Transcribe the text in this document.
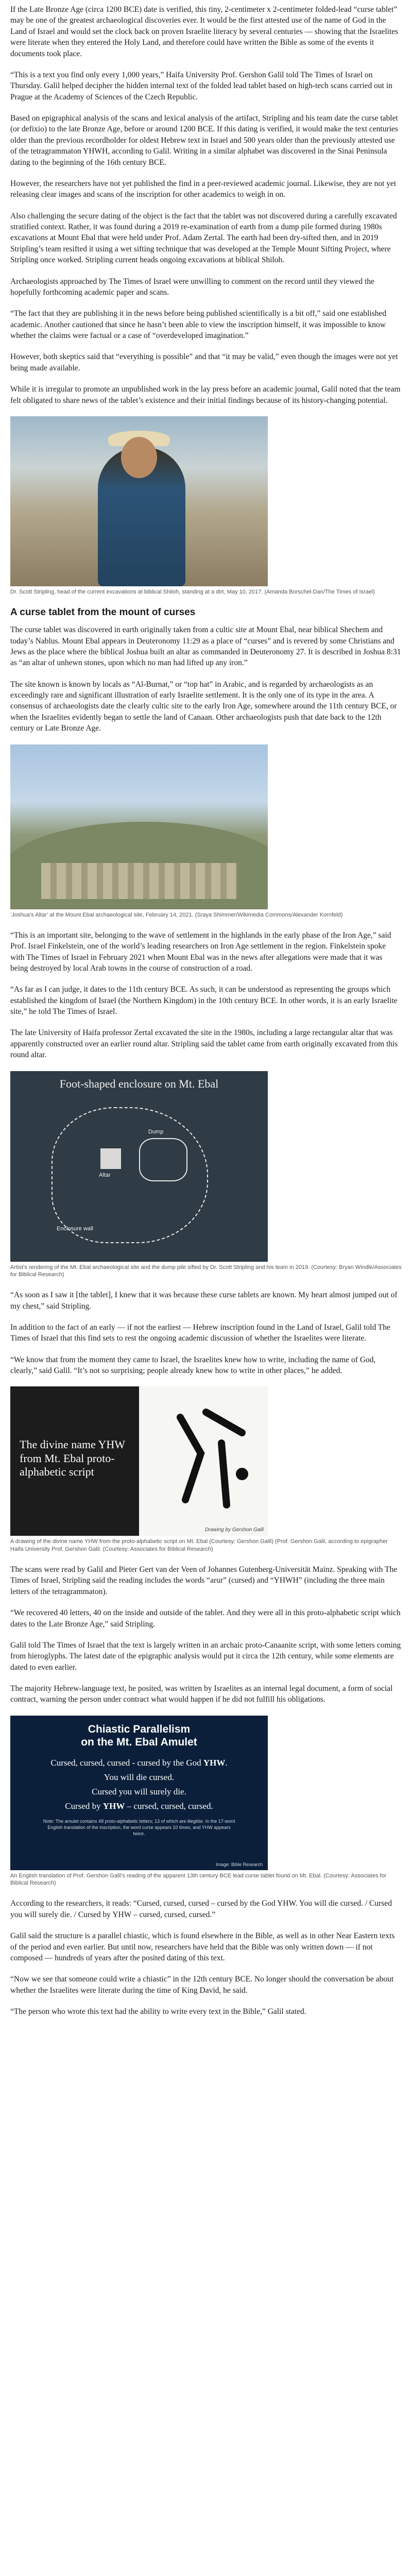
If the Late Bronze Age (circa 1200 BCE) date is verified, this tiny, 2-centimeter x 2-centimeter folded-lead “curse tablet” may be one of the greatest archaeological discoveries ever. It would be the first attested use of the name of God in the Land of Israel and would set the clock back on proven Israelite literacy by several centuries — showing that the Israelites were literate when they entered the Holy Land, and therefore could have written the Bible as some of the events it documents took place.

“This is a text you find only every 1,000 years,” Haifa University Prof. Gershon Galil told The Times of Israel on Thursday. Galil helped decipher the hidden internal text of the folded lead tablet based on high-tech scans carried out in Prague at the Academy of Sciences of the Czech Republic.

Based on epigraphical analysis of the scans and lexical analysis of the artifact, Stripling and his team date the curse tablet (or defixio) to the late Bronze Age, before or around 1200 BCE. If this dating is verified, it would make the text centuries older than the previous recordholder for oldest Hebrew text in Israel and 500 years older than the previously attested use of the tetragrammaton YHWH, according to Galil. Writing in a similar alphabet was discovered in the Sinai Peninsula dating to the beginning of the 16th century BCE.

However, the researchers have not yet published the find in a peer-reviewed academic journal. Likewise, they are not yet releasing clear images and scans of the inscription for other academics to weigh in on.

Also challenging the secure dating of the object is the fact that the tablet was not discovered during a carefully excavated stratified context. Rather, it was found during a 2019 re-examination of earth from a dump pile formed during 1980s excavations at Mount Ebal that were held under Prof. Adam Zertal. The earth had been dry-sifted then, and in 2019 Stripling’s team resifted it using a wet sifting technique that was developed at the Temple Mount Sifting Project, where Stripling once worked. Stripling current heads ongoing excavations at biblical Shiloh.

Archaeologists approached by The Times of Israel were unwilling to comment on the record until they viewed the hopefully forthcoming academic paper and scans.

“The fact that they are publishing it in the news before being published scientifically is a bit off,” said one established academic. Another cautioned that since he hasn’t been able to view the inscription himself, it was impossible to know whether the claims were factual or a case of “overdeveloped imagination.”

However, both skeptics said that “everything is possible” and that “it may be valid,” even though the images were not yet being made available.

While it is irregular to promote an unpublished work in the lay press before an academic journal, Galil noted that the team felt obligated to share news of the tablet’s existence and their initial findings because of its history-changing potential.

Dr. Scott Stripling, head of the current excavations at biblical Shiloh, standing at a dirt, May 10, 2017. (Amanda Borschel-Dan/The Times of Israel)
A curse tablet from the mount of curses

The curse tablet was discovered in earth originally taken from a cultic site at Mount Ebal, near biblical Shechem and today’s Nablus. Mount Ebal appears in Deuteronomy 11:29 as a place of “curses” and is revered by some Christians and Jews as the place where the biblical Joshua built an altar as commanded in Deuteronomy 27. It is described in Joshua 8:31 as “an altar of unhewn stones, upon which no man had lifted up any iron.”

The site known is known by locals as “Al-Burnat,” or “top hat” in Arabic, and is regarded by archaeologists as an exceedingly rare and significant illustration of early Israelite settlement. It is the only one of its type in the area. A consensus of archaeologists date the clearly cultic site to the early Iron Age, somewhere around the 11th century BCE, or when the Israelites evidently began to settle the land of Canaan. Other archaeologists push that date back to the 12th century or Late Bronze Age.

‘Joshua’s Altar’ at the Mount Ebal archaeological site, February 14, 2021. (Sraya Shimmer/Wikimedia Commons/Alexander Kornfeld)

“This is an important site, belonging to the wave of settlement in the highlands in the early phase of the Iron Age,” said Prof. Israel Finkelstein, one of the world’s leading researchers on Iron Age settlement in the region. Finkelstein spoke with The Times of Israel in February 2021 when Mount Ebal was in the news after allegations were made that it was being destroyed by local Arab towns in the course of construction of a road.

“As far as I can judge, it dates to the 11th century BCE. As such, it can be understood as representing the groups which established the kingdom of Israel (the Northern Kingdom) in the 10th century BCE. In other words, it is an early Israelite site,” he told The Times of Israel.

The late University of Haifa professor Zertal excavated the site in the 1980s, including a large rectangular altar that was apparently constructed over an earlier round altar. Stripling said the tablet came from earth originally excavated from this round altar.

Foot-shaped enclosure on Mt. Ebal
Dump
Altar
Enclosure wall
Artist’s rendering of the Mt. Ebal archaeological site and the dump pile sifted by Dr. Scott Stripling and his team in 2019. (Courtesy: Bryan Windle/Associates for Biblical Research)

“As soon as I saw it [the tablet], I knew that it was because these curse tablets are known. My heart almost jumped out of my chest,” said Stripling.

In addition to the fact of an early — if not the earliest — Hebrew inscription found in the Land of Israel, Galil told The Times of Israel that this find sets to rest the ongoing academic discussion of whether the Israelites were literate.

“We know that from the moment they came to Israel, the Israelites knew how to write, including the name of God, clearly,” said Galil. “It’s not so surprising; people already knew how to write in other places,” he added.

The divine name YHW from Mt. Ebal proto-alphabetic script
Drawing by Gershon Galil
A drawing of the divine name YHW from the proto-alphabetic script on Mt. Ebal (Courtesy: Gershon Galil) (Prof. Gershon Galil, according to epigrapher Haifa University Prof. Gershon Galil. (Courtesy: Associates for Biblical Research)

The scans were read by Galil and Pieter Gert van der Veen of Johannes Gutenberg-Universität Mainz. Speaking with The Times of Israel, Stripling said the reading includes the words “arur” (cursed) and “YHWH” (including the three main letters of the tetragrammaton).

“We recovered 40 letters, 40 on the inside and outside of the tablet. And they were all in this proto-alphabetic script which dates to the Late Bronze Age,” said Stripling.

Galil told The Times of Israel that the text is largely written in an archaic proto-Canaanite script, with some letters coming from hieroglyphs. The latest date of the epigraphic analysis would put it circa the 12th century, while some elements are dated to even earlier.

The majority Hebrew-language text, he posited, was written by Israelites as an internal legal document, a form of social contract, warning the person under contract what would happen if he did not fulfill his obligations.

Chiastic Parallelism
on the Mt. Ebal Amulet
Cursed, cursed, cursed - cursed by the God YHW.
You will die cursed.
Cursed you will surely die.
Cursed by YHW – cursed, cursed, cursed.
Note: The amulet contains 48 proto-alphabetic letters; 13 of which are illegible. In the 17-word English translation of the inscription, the word curse appears 10 times, and YHW appears twice.
Image: Bible Research
An English translation of Prof. Gershon Galil’s reading of the apparent 13th century BCE lead curse tablet found on Mt. Ebal. (Courtesy: Associates for Biblical Research)

According to the researchers, it reads: “Cursed, cursed, cursed – cursed by the God YHW. You will die cursed. / Cursed you will surely die. / Cursed by YHW – cursed, cursed, cursed.”

Galil said the structure is a parallel chiastic, which is found elsewhere in the Bible, as well as in other Near Eastern texts of the period and even earlier. But until now, researchers have held that the Bible was only written down — if not composed — hundreds of years after the posited dating of this text.

“Now we see that someone could write a chiastic” in the 12th century BCE. No longer should the conversation be about whether the Israelites were literate during the time of King David, he said.

“The person who wrote this text had the ability to write every text in the Bible,” Galil stated.
